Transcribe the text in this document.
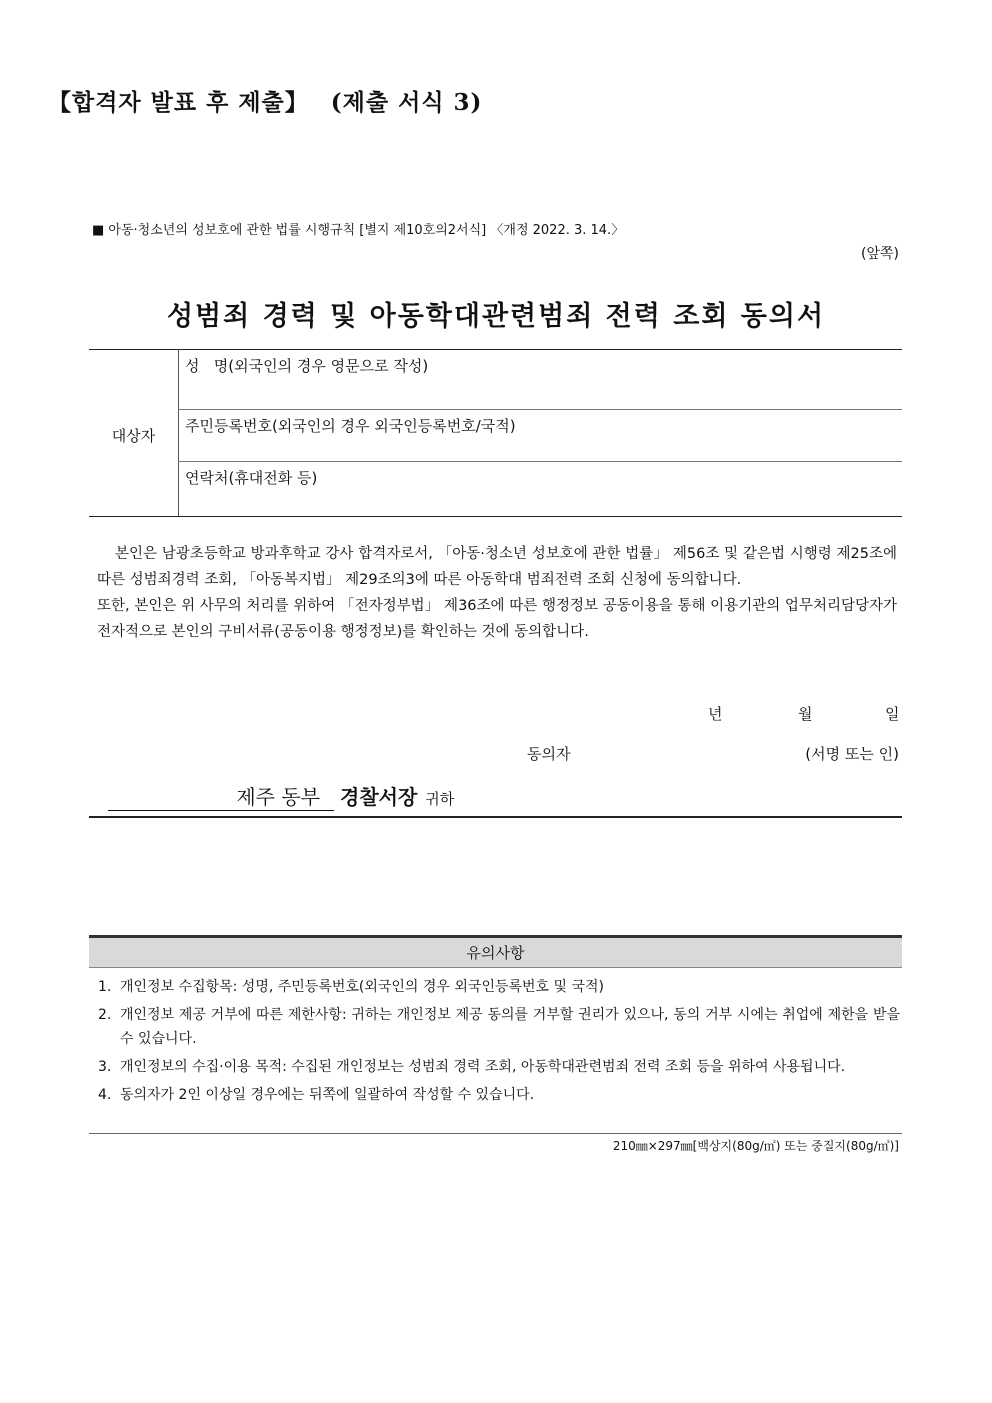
【합격자 발표 후 제출】 (제출 서식 3)
■ 아동·청소년의 성보호에 관한 법률 시행규칙 [별지 제10호의2서식] 〈개정 2022. 3. 14.〉
(앞쪽)
성범죄 경력 및 아동학대관련범죄 전력 조회 동의서
대상자
성   명(외국인의 경우 영문으로 작성)
주민등록번호(외국인의 경우 외국인등록번호/국적)
연락처(휴대전화 등)

본인은 남광초등학교 방과후학교 강사 합격자로서, 「아동·청소년 성보호에 관한 법률」 제56조 및 같은법 시행령 제25조에 따른 성범죄경력 조회, 「아동복지법」 제29조의3에 따른 아동학대 범죄전력 조회 신청에 동의합니다.

또한, 본인은 위 사무의 처리를 위하여 「전자정부법」 제36조에 따른 행정정보 공동이용을 통해 이용기관의 업무처리담당자가 전자적으로 본인의 구비서류(공동이용 행정정보)를 확인하는 것에 동의합니다.

년	월	일
동의자	(서명 또는 인)
제주 동부 경찰서장 귀하
유의사항
1. 개인정보 수집항목: 성명, 주민등록번호(외국인의 경우 외국인등록번호 및 국적)
2. 개인정보 제공 거부에 따른 제한사항: 귀하는 개인정보 제공 동의를 거부할 권리가 있으나, 동의 거부 시에는 취업에 제한을 받을 수 있습니다.
3. 개인정보의 수집·이용 목적: 수집된 개인정보는 성범죄 경력 조회, 아동학대관련범죄 전력 조회 등을 위하여 사용됩니다.
4. 동의자가 2인 이상일 경우에는 뒤쪽에 일괄하여 작성할 수 있습니다.
210㎜×297㎜[백상지(80g/㎡) 또는 중질지(80g/㎡)]
